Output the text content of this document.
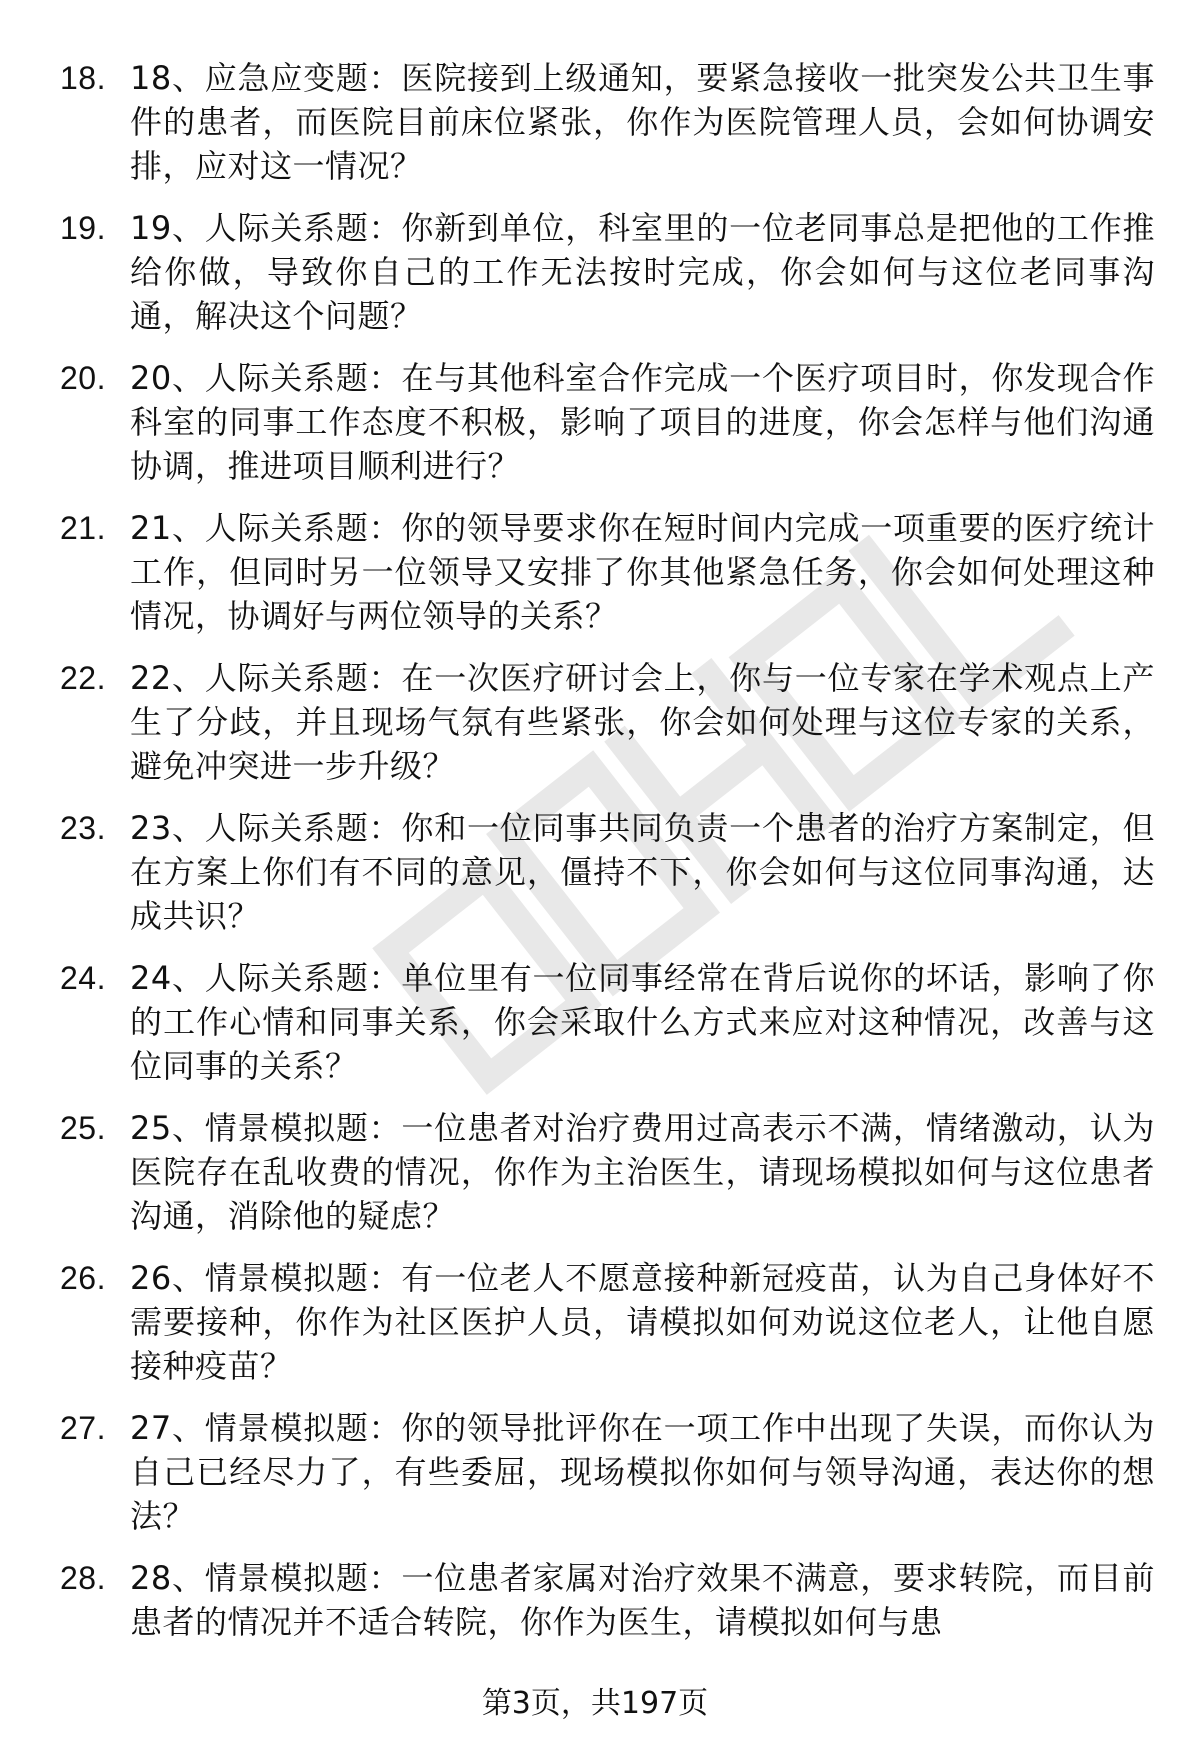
18. 18、应急应变题：医院接到上级通知，要紧急接收一批突发公共卫生事件的患者，而医院目前床位紧张，你作为医院管理人员，会如何协调安排，应对这一情况？
19. 19、人际关系题：你新到单位，科室里的一位老同事总是把他的工作推给你做，导致你自己的工作无法按时完成，你会如何与这位老同事沟通，解决这个问题？
20. 20、人际关系题：在与其他科室合作完成一个医疗项目时，你发现合作科室的同事工作态度不积极，影响了项目的进度，你会怎样与他们沟通协调，推进项目顺利进行？
21. 21、人际关系题：你的领导要求你在短时间内完成一项重要的医疗统计工作，但同时另一位领导又安排了你其他紧急任务，你会如何处理这种情况，协调好与两位领导的关系？
22. 22、人际关系题：在一次医疗研讨会上，你与一位专家在学术观点上产生了分歧，并且现场气氛有些紧张，你会如何处理与这位专家的关系，避免冲突进一步升级？
23. 23、人际关系题：你和一位同事共同负责一个患者的治疗方案制定，但在方案上你们有不同的意见，僵持不下，你会如何与这位同事沟通，达成共识？
24. 24、人际关系题：单位里有一位同事经常在背后说你的坏话，影响了你的工作心情和同事关系，你会采取什么方式来应对这种情况，改善与这位同事的关系？
25. 25、情景模拟题：一位患者对治疗费用过高表示不满，情绪激动，认为医院存在乱收费的情况，你作为主治医生，请现场模拟如何与这位患者沟通，消除他的疑虑？
26. 26、情景模拟题：有一位老人不愿意接种新冠疫苗，认为自己身体好不需要接种，你作为社区医护人员，请模拟如何劝说这位老人，让他自愿接种疫苗？
27. 27、情景模拟题：你的领导批评你在一项工作中出现了失误，而你认为自己已经尽力了，有些委屈，现场模拟你如何与领导沟通，表达你的想法？
28. 28、情景模拟题：一位患者家属对治疗效果不满意，要求转院，而目前患者的情况并不适合转院，你作为医生，请模拟如何与患
第3页，共197页
